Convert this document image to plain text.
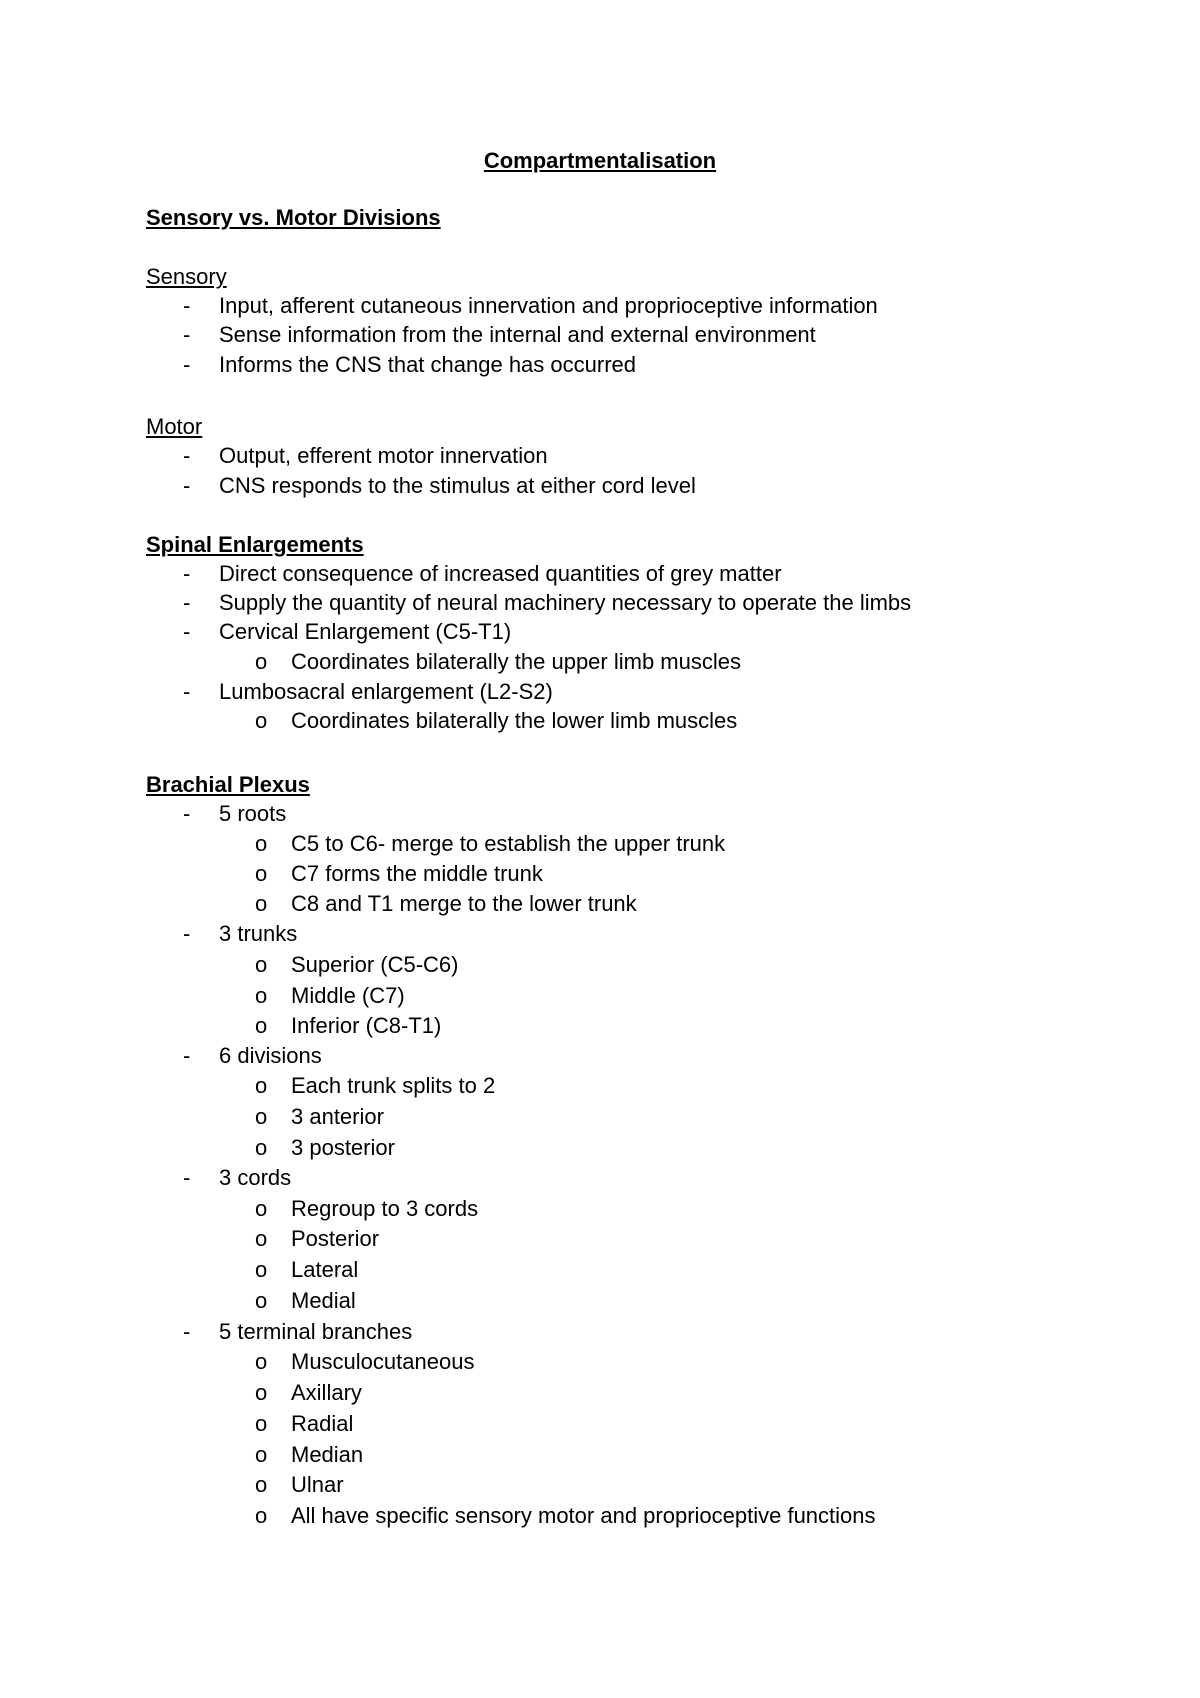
Compartmentalisation
Sensory vs. Motor Divisions
Sensory
- Input, afferent cutaneous innervation and proprioceptive information
- Sense information from the internal and external environment
- Informs the CNS that change has occurred
Motor
- Output, efferent motor innervation
- CNS responds to the stimulus at either cord level
Spinal Enlargements
- Direct consequence of increased quantities of grey matter
- Supply the quantity of neural machinery necessary to operate the limbs
- Cervical Enlargement (C5-T1)
o Coordinates bilaterally the upper limb muscles
- Lumbosacral enlargement (L2-S2)
o Coordinates bilaterally the lower limb muscles
Brachial Plexus
- 5 roots
o C5 to C6- merge to establish the upper trunk
o C7 forms the middle trunk
o C8 and T1 merge to the lower trunk
- 3 trunks
o Superior (C5-C6)
o Middle (C7)
o Inferior (C8-T1)
- 6 divisions
o Each trunk splits to 2
o 3 anterior
o 3 posterior
- 3 cords
o Regroup to 3 cords
o Posterior
o Lateral
o Medial
- 5 terminal branches
o Musculocutaneous
o Axillary
o Radial
o Median
o Ulnar
o All have specific sensory motor and proprioceptive functions
